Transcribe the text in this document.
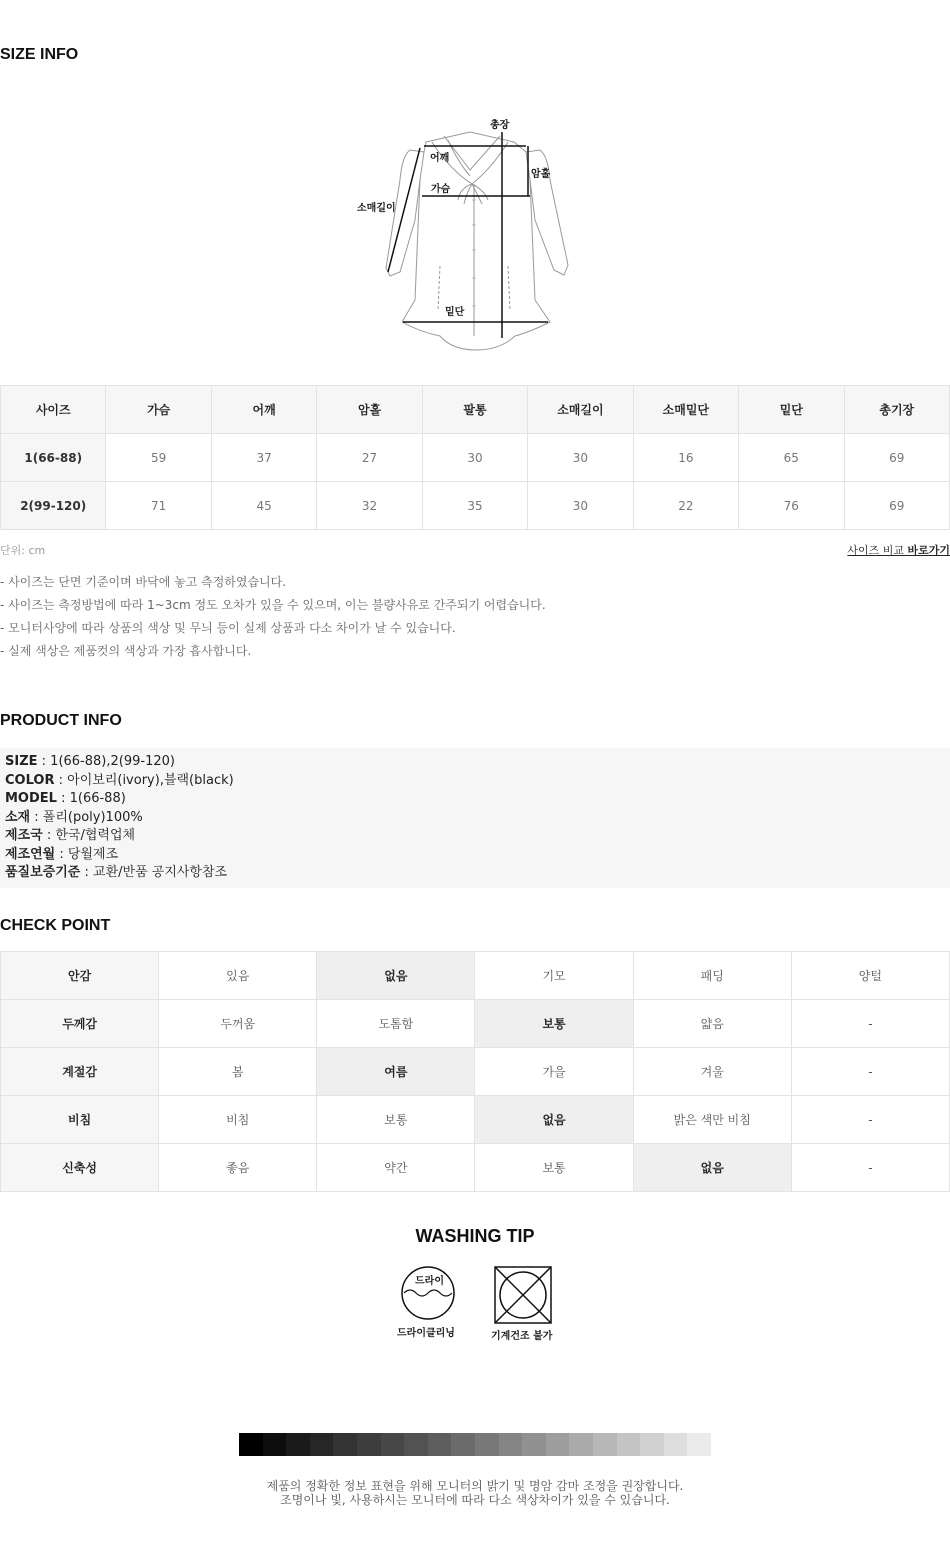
SIZE INFO
총장
어깨
암홀
가슴
소매길이
밑단
사이즈	가슴	어깨	암홀	팔통	소매길이	소매밑단	밑단	총기장
1(66-88)	59	37	27	30	30	16	65	69
2(99-120)	71	45	32	35	30	22	76	69
단위: cm	사이즈 비교 바로가기
- 사이즈는 단면 기준이며 바닥에 놓고 측정하였습니다.
- 사이즈는 측정방법에 따라 1~3cm 정도 오차가 있을 수 있으며, 이는 불량사유로 간주되기 어렵습니다.
- 모니터사양에 따라 상품의 색상 및 무늬 등이 실제 상품과 다소 차이가 날 수 있습니다.
- 실제 색상은 제품컷의 색상과 가장 흡사합니다.
PRODUCT INFO
SIZE : 1(66-88),2(99-120)
COLOR : 아이보리(ivory),블랙(black)
MODEL : 1(66-88)
소재 : 폴리(poly)100%
제조국 : 한국/협력업체
제조연월 : 당월제조
품질보증기준 : 교환/반품 공지사항참조
CHECK POINT
안감	있음	없음	기모	패딩	양털
두께감	두꺼움	도톰함	보통	얇음	-
계절감	봄	여름	가을	겨울	-
비침	비침	보통	없음	밝은 색만 비침	-
신축성	좋음	약간	보통	없음	-
WASHING TIP
드라이
드라이클리닝	기계건조 불가
제품의 정확한 정보 표현을 위해 모니터의 밝기 및 명암 감마 조정을 권장합니다.
조명이나 빛, 사용하시는 모니터에 따라 다소 색상차이가 있을 수 있습니다.
